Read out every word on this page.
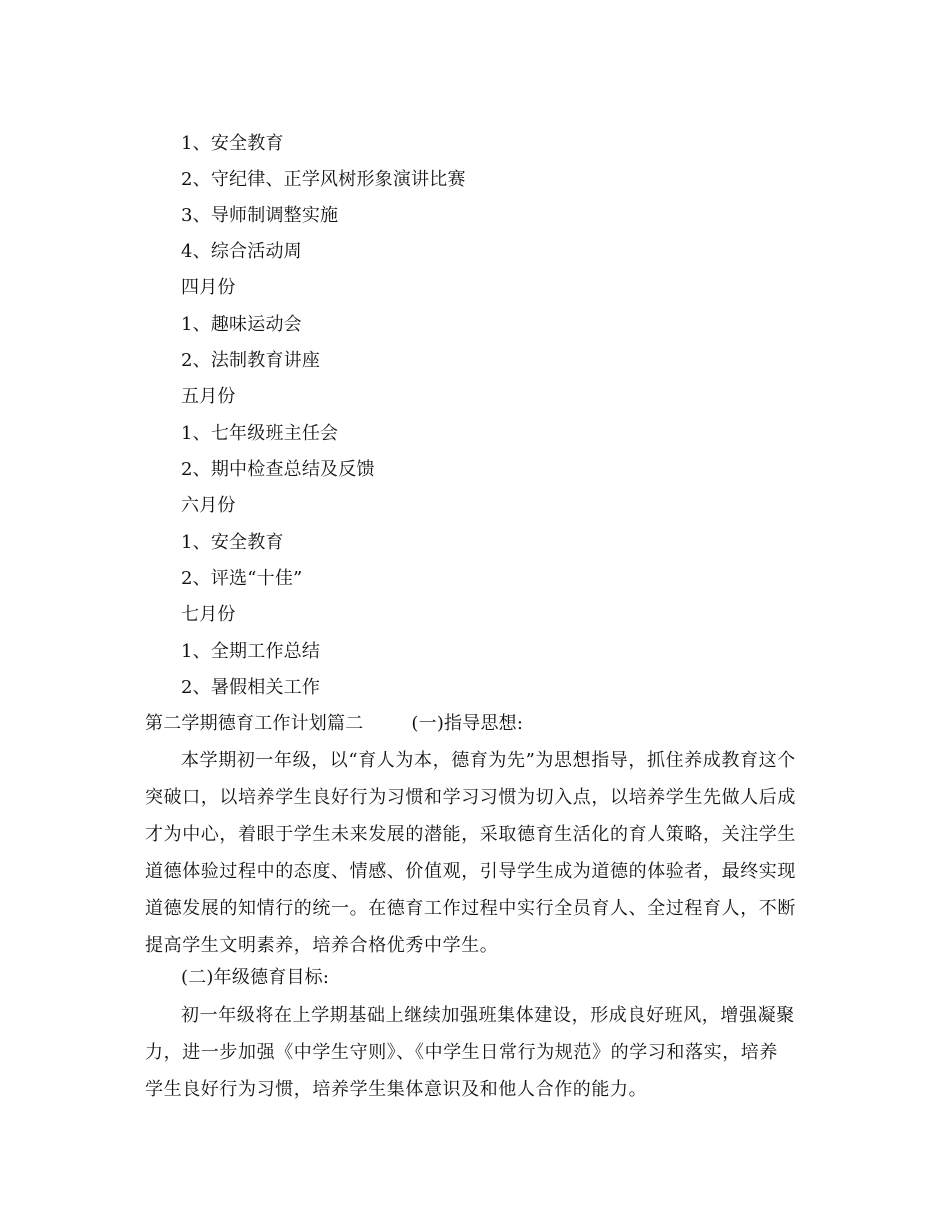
1、安全教育
2、守纪律、正学风树形象演讲比赛
3、导师制调整实施
4、综合活动周
四月份
1、趣味运动会
2、法制教育讲座
五月份
1、七年级班主任会
2、期中检查总结及反馈
六月份
1、安全教育
2、评选“十佳”
七月份
1、全期工作总结
2、暑假相关工作
第二学期德育工作计划篇二	(一)指导思想:
本学期初一年级，以“育人为本，德育为先”为思想指导，抓住养成教育这个
突破口，以培养学生良好行为习惯和学习习惯为切入点，以培养学生先做人后成
才为中心，着眼于学生未来发展的潜能，采取德育生活化的育人策略，关注学生
道德体验过程中的态度、情感、价值观，引导学生成为道德的体验者，最终实现
道德发展的知情行的统一。在德育工作过程中实行全员育人、全过程育人，不断
提高学生文明素养，培养合格优秀中学生。
(二)年级德育目标:
初一年级将在上学期基础上继续加强班集体建设，形成良好班风，增强凝聚
力，进一步加强《中学生守则》、《中学生日常行为规范》的学习和落实，培养
学生良好行为习惯，培养学生集体意识及和他人合作的能力。
